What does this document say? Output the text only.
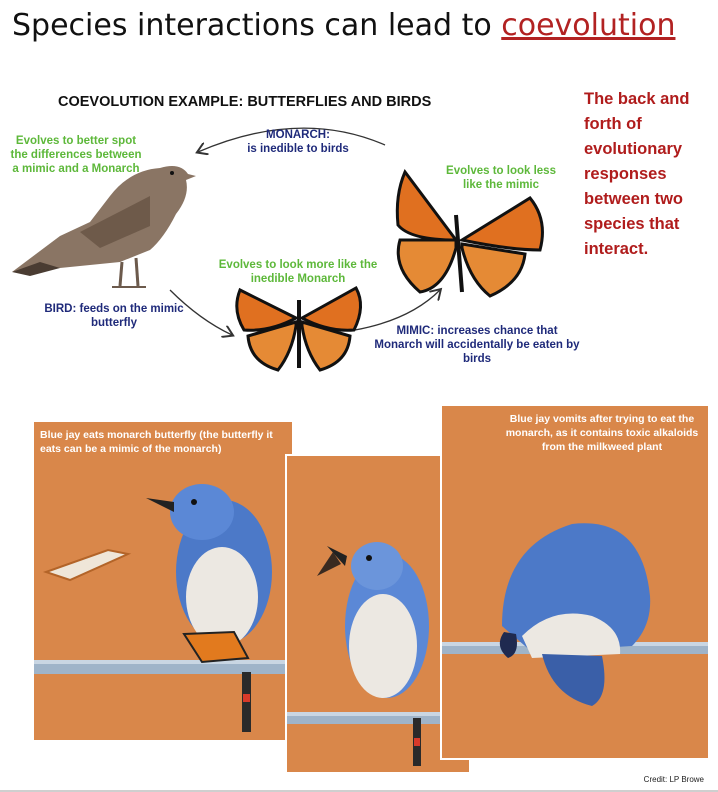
Species interactions can lead to coevolution
COEVOLUTION EXAMPLE: BUTTERFLIES AND BIRDS	The back and forth of evolutionary responses between two species that interact.
Evolves to better spot the differences between a mimic and a Monarch
MONARCH:
is inedible to birds
Evolves to look less like the mimic
Evolves to look more like the inedible Monarch
BIRD: feeds on the mimic butterfly
MIMIC: increases chance that Monarch will accidentally be eaten by birds
Blue jay eats monarch butterfly (the butterfly it eats can be a mimic of the monarch)
Blue jay vomits after trying to eat the monarch, as it contains toxic alkaloids from the milkweed plant
Credit: LP Browe
